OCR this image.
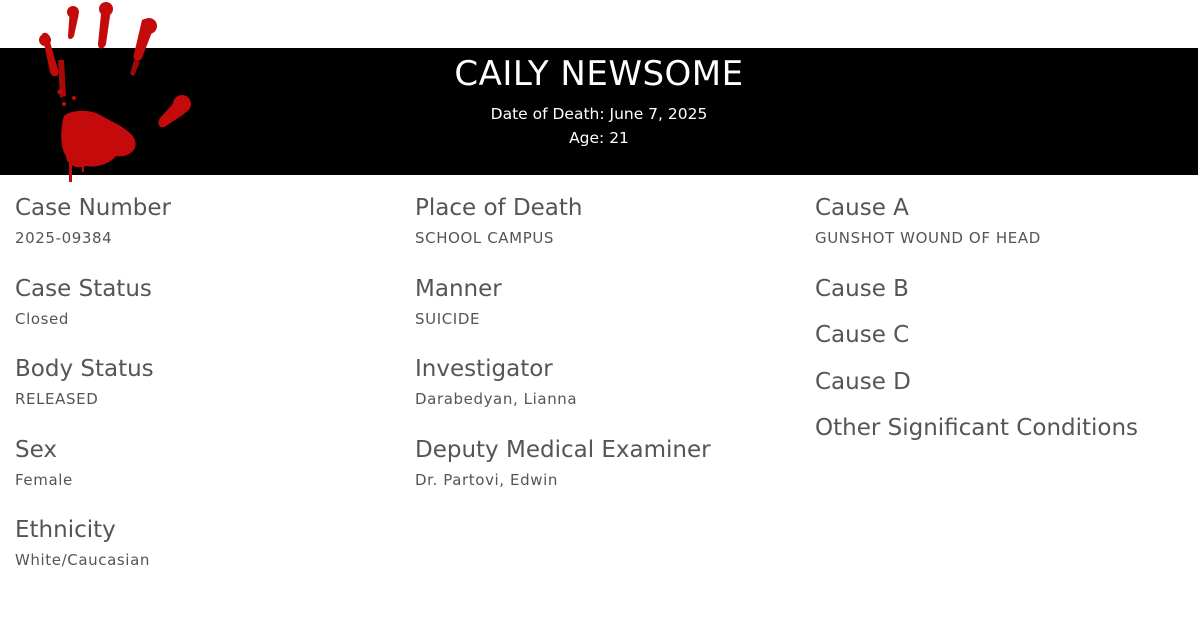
CAILY NEWSOME
Date of Death: June 7, 2025
Age: 21
Case Number
2025-09384
Case Status
Closed
Body Status
RELEASED
Sex
Female
Ethnicity
White/Caucasian
Place of Death
SCHOOL CAMPUS
Manner
SUICIDE
Investigator
Darabedyan, Lianna
Deputy Medical Examiner
Dr. Partovi, Edwin
Cause A
GUNSHOT WOUND OF HEAD
Cause B
Cause C
Cause D
Other Significant Conditions
